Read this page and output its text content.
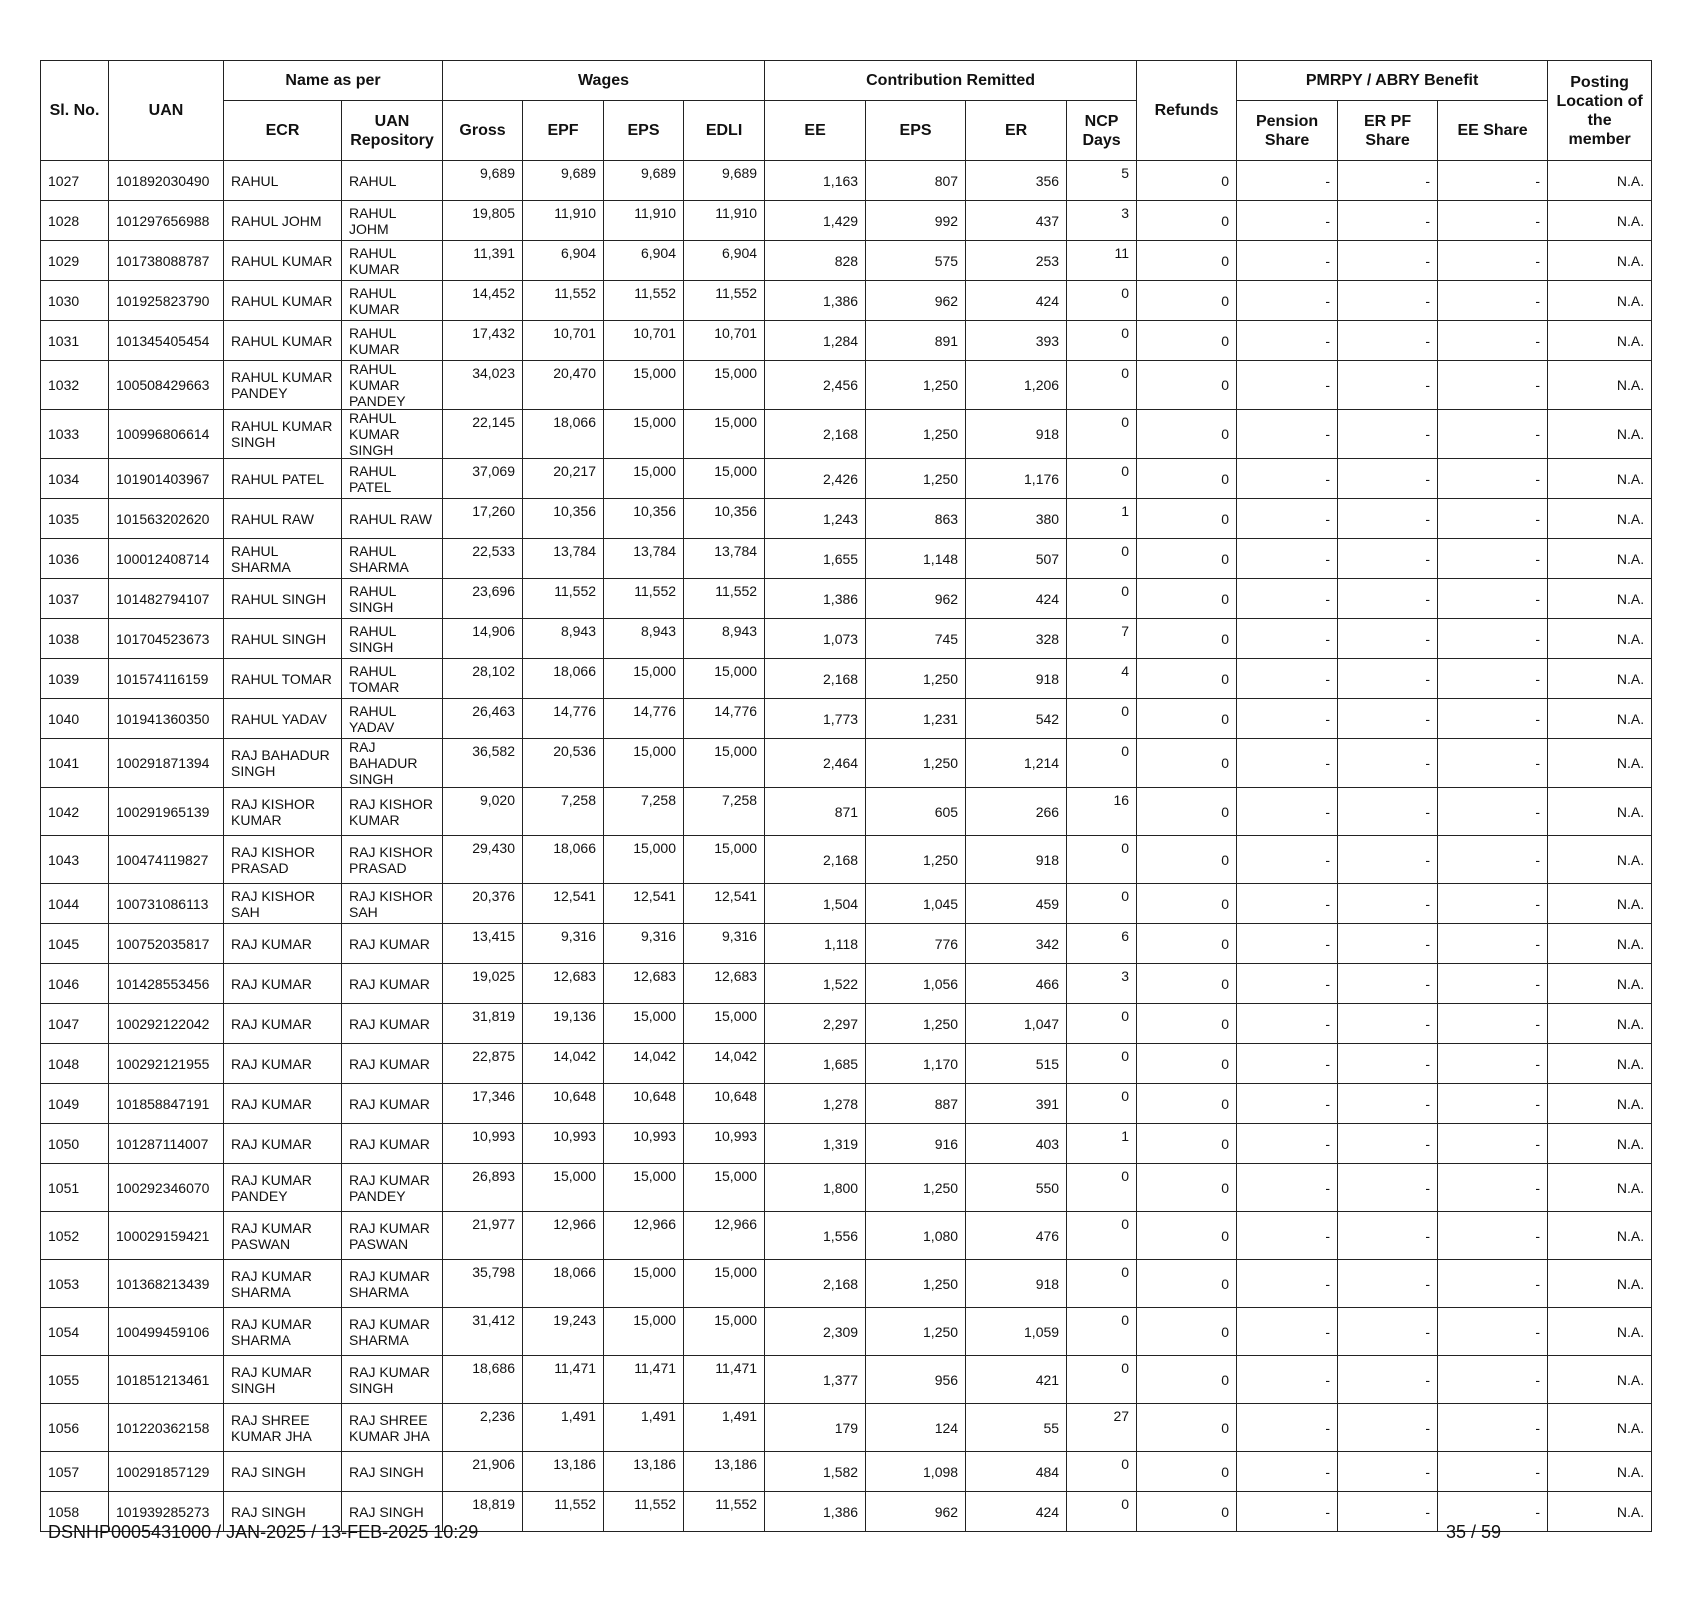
Sl. No.	UAN	Name as per		Wages				Contribution Remitted				Refunds	PMRPY / ABRY Benefit			Posting Location of the member
		ECR	UAN Repository	Gross	EPF	EPS	EDLI	EE	EPS	ER	NCP Days		Pension Share	ER PF Share	EE Share	
1027	101892030490	RAHUL	RAHUL	9,689	9,689	9,689	9,689	1,163	807	356	5	0	-	-	-	N.A.
1028	101297656988	RAHUL JOHM	RAHUL JOHM	19,805	11,910	11,910	11,910	1,429	992	437	3	0	-	-	-	N.A.
1029	101738088787	RAHUL KUMAR	RAHUL KUMAR	11,391	6,904	6,904	6,904	828	575	253	11	0	-	-	-	N.A.
1030	101925823790	RAHUL KUMAR	RAHUL KUMAR	14,452	11,552	11,552	11,552	1,386	962	424	0	0	-	-	-	N.A.
1031	101345405454	RAHUL KUMAR	RAHUL KUMAR	17,432	10,701	10,701	10,701	1,284	891	393	0	0	-	-	-	N.A.
1032	100508429663	RAHUL KUMAR PANDEY	RAHUL KUMAR PANDEY	34,023	20,470	15,000	15,000	2,456	1,250	1,206	0	0	-	-	-	N.A.
1033	100996806614	RAHUL KUMAR SINGH	RAHUL KUMAR SINGH	22,145	18,066	15,000	15,000	2,168	1,250	918	0	0	-	-	-	N.A.
1034	101901403967	RAHUL PATEL	RAHUL PATEL	37,069	20,217	15,000	15,000	2,426	1,250	1,176	0	0	-	-	-	N.A.
1035	101563202620	RAHUL RAW	RAHUL RAW	17,260	10,356	10,356	10,356	1,243	863	380	1	0	-	-	-	N.A.
1036	100012408714	RAHUL SHARMA	RAHUL SHARMA	22,533	13,784	13,784	13,784	1,655	1,148	507	0	0	-	-	-	N.A.
1037	101482794107	RAHUL SINGH	RAHUL SINGH	23,696	11,552	11,552	11,552	1,386	962	424	0	0	-	-	-	N.A.
1038	101704523673	RAHUL SINGH	RAHUL SINGH	14,906	8,943	8,943	8,943	1,073	745	328	7	0	-	-	-	N.A.
1039	101574116159	RAHUL TOMAR	RAHUL TOMAR	28,102	18,066	15,000	15,000	2,168	1,250	918	4	0	-	-	-	N.A.
1040	101941360350	RAHUL YADAV	RAHUL YADAV	26,463	14,776	14,776	14,776	1,773	1,231	542	0	0	-	-	-	N.A.
1041	100291871394	RAJ BAHADUR SINGH	RAJ BAHADUR SINGH	36,582	20,536	15,000	15,000	2,464	1,250	1,214	0	0	-	-	-	N.A.
1042	100291965139	RAJ KISHOR KUMAR	RAJ KISHOR KUMAR	9,020	7,258	7,258	7,258	871	605	266	16	0	-	-	-	N.A.
1043	100474119827	RAJ KISHOR PRASAD	RAJ KISHOR PRASAD	29,430	18,066	15,000	15,000	2,168	1,250	918	0	0	-	-	-	N.A.
1044	100731086113	RAJ KISHOR SAH	RAJ KISHOR SAH	20,376	12,541	12,541	12,541	1,504	1,045	459	0	0	-	-	-	N.A.
1045	100752035817	RAJ KUMAR	RAJ KUMAR	13,415	9,316	9,316	9,316	1,118	776	342	6	0	-	-	-	N.A.
1046	101428553456	RAJ KUMAR	RAJ KUMAR	19,025	12,683	12,683	12,683	1,522	1,056	466	3	0	-	-	-	N.A.
1047	100292122042	RAJ KUMAR	RAJ KUMAR	31,819	19,136	15,000	15,000	2,297	1,250	1,047	0	0	-	-	-	N.A.
1048	100292121955	RAJ KUMAR	RAJ KUMAR	22,875	14,042	14,042	14,042	1,685	1,170	515	0	0	-	-	-	N.A.
1049	101858847191	RAJ KUMAR	RAJ KUMAR	17,346	10,648	10,648	10,648	1,278	887	391	0	0	-	-	-	N.A.
1050	101287114007	RAJ KUMAR	RAJ KUMAR	10,993	10,993	10,993	10,993	1,319	916	403	1	0	-	-	-	N.A.
1051	100292346070	RAJ KUMAR PANDEY	RAJ KUMAR PANDEY	26,893	15,000	15,000	15,000	1,800	1,250	550	0	0	-	-	-	N.A.
1052	100029159421	RAJ KUMAR PASWAN	RAJ KUMAR PASWAN	21,977	12,966	12,966	12,966	1,556	1,080	476	0	0	-	-	-	N.A.
1053	101368213439	RAJ KUMAR SHARMA	RAJ KUMAR SHARMA	35,798	18,066	15,000	15,000	2,168	1,250	918	0	0	-	-	-	N.A.
1054	100499459106	RAJ KUMAR SHARMA	RAJ KUMAR SHARMA	31,412	19,243	15,000	15,000	2,309	1,250	1,059	0	0	-	-	-	N.A.
1055	101851213461	RAJ KUMAR SINGH	RAJ KUMAR SINGH	18,686	11,471	11,471	11,471	1,377	956	421	0	0	-	-	-	N.A.
1056	101220362158	RAJ SHREE KUMAR JHA	RAJ SHREE KUMAR JHA	2,236	1,491	1,491	1,491	179	124	55	27	0	-	-	-	N.A.
1057	100291857129	RAJ SINGH	RAJ SINGH	21,906	13,186	13,186	13,186	1,582	1,098	484	0	0	-	-	-	N.A.
1058	101939285273	RAJ SINGH	RAJ SINGH	18,819	11,552	11,552	11,552	1,386	962	424	0	0	-	-	-	N.A.
DSNHP0005431000 / JAN-2025 / 13-FEB-2025 10:29	35 / 59
